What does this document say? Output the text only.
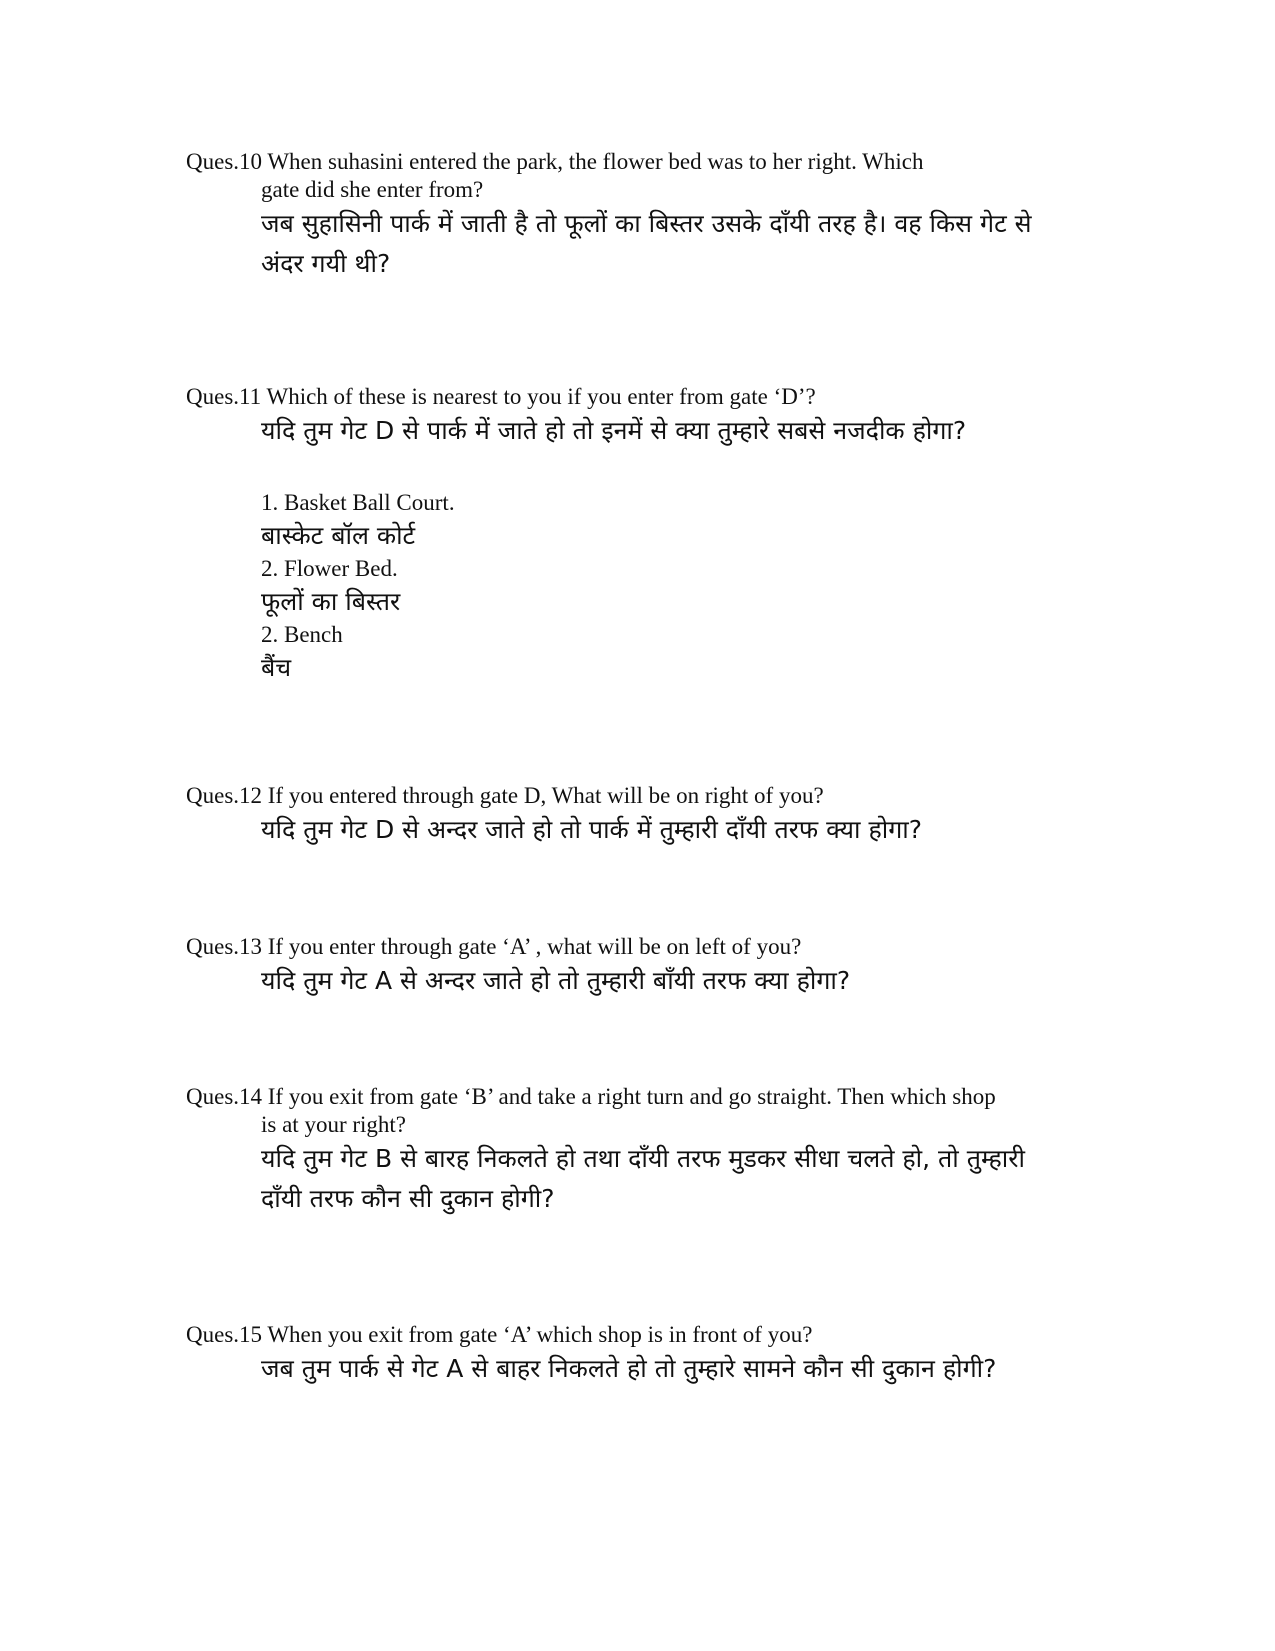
Ques.10 When suhasini entered the park, the flower bed was to her right. Which
gate did she enter from?
जब सुहासिनी पार्क में जाती है तो फूलों का बिस्तर उसके दाँयी तरह है। वह किस गेट से
अंदर गयी थी?
Ques.11 Which of these is nearest to you if you enter from gate ‘D’?
यदि तुम गेट D से पार्क में जाते हो तो इनमें से क्या तुम्हारे सबसे नजदीक होगा?
1. Basket Ball Court.
बास्केट बॉल कोर्ट
2. Flower Bed.
फूलों का बिस्तर
2. Bench
बैंच
Ques.12 If you entered through gate D, What will be on right of you?
यदि तुम गेट D से अन्दर जाते हो तो पार्क में तुम्हारी दाँयी तरफ क्या होगा?
Ques.13 If you enter through gate ‘A’ , what will be on left of you?
यदि तुम गेट A से अन्दर जाते हो तो तुम्हारी बाँयी तरफ क्या होगा?
Ques.14 If you exit from gate ‘B’ and take a right turn and go straight. Then which shop
is at your right?
यदि तुम गेट B से बारह निकलते हो तथा दाँयी तरफ मुडकर सीधा चलते हो, तो तुम्हारी
दाँयी तरफ कौन सी दुकान होगी?
Ques.15 When you exit from gate ‘A’ which shop is in front of you?
जब तुम पार्क से गेट A से बाहर निकलते हो तो तुम्हारे सामने कौन सी दुकान होगी?
